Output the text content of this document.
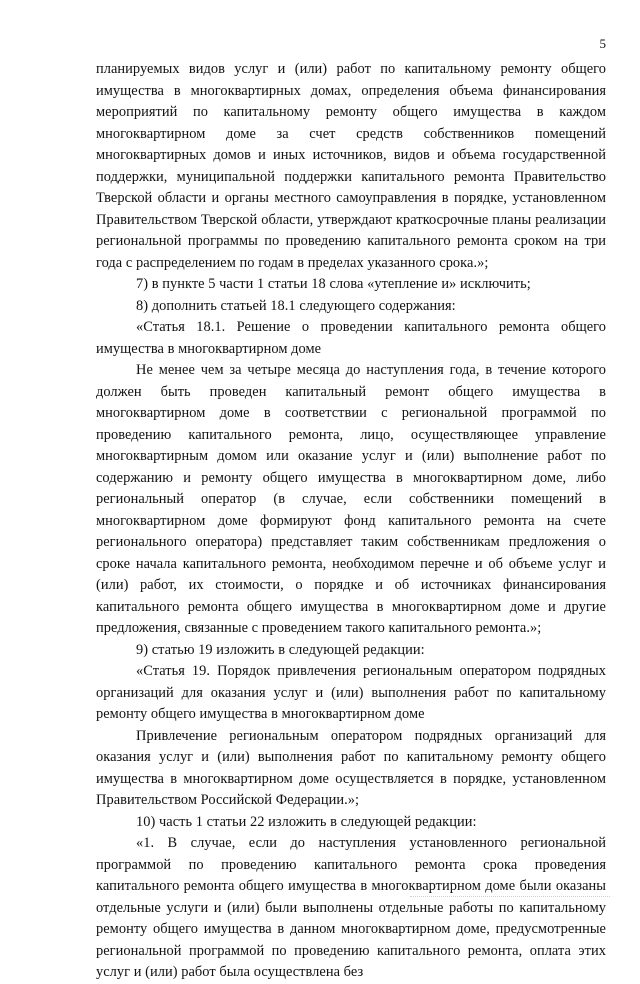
5

планируемых видов услуг и (или) работ по капитальному ремонту общего имущества в многоквартирных домах, определения объема финансирования мероприятий по капитальному ремонту общего имущества в каждом многоквартирном доме за счет средств собственников помещений многоквартирных домов и иных источников, видов и объема государственной поддержки, муниципальной поддержки капитального ремонта Правительство Тверской области и органы местного самоуправления в порядке, установленном Правительством Тверской области, утверждают краткосрочные планы реализации региональной программы по проведению капитального ремонта сроком на три года с распределением по годам в пределах указанного срока.»;

7) в пункте 5 части 1 статьи 18 слова «утепление и» исключить;

8) дополнить статьей 18.1 следующего содержания:

«Статья 18.1. Решение о проведении капитального ремонта общего имущества в многоквартирном доме

Не менее чем за четыре месяца до наступления года, в течение которого должен быть проведен капитальный ремонт общего имущества в многоквартирном доме в соответствии с региональной программой по проведению капитального ремонта, лицо, осуществляющее управление многоквартирным домом или оказание услуг и (или) выполнение работ по содержанию и ремонту общего имущества в многоквартирном доме, либо региональный оператор (в случае, если собственники помещений в многоквартирном доме формируют фонд капитального ремонта на счете регионального оператора) представляет таким собственникам предложения о сроке начала капитального ремонта, необходимом перечне и об объеме услуг и (или) работ, их стоимости, о порядке и об источниках финансирования капитального ремонта общего имущества в многоквартирном доме и другие предложения, связанные с проведением такого капитального ремонта.»;

9) статью 19 изложить в следующей редакции:

«Статья 19. Порядок привлечения региональным оператором подрядных организаций для оказания услуг и (или) выполнения работ по капитальному ремонту общего имущества в многоквартирном доме

Привлечение региональным оператором подрядных организаций для оказания услуг и (или) выполнения работ по капитальному ремонту общего имущества в многоквартирном доме осуществляется в порядке, установленном Правительством Российской Федерации.»;

10) часть 1 статьи 22 изложить в следующей редакции:

«1. В случае, если до наступления установленного региональной программой по проведению капитального ремонта срока проведения капитального ремонта общего имущества в многоквартирном доме были оказаны отдельные услуги и (или) были выполнены отдельные работы по капитальному ремонту общего имущества в данном многоквартирном доме, предусмотренные региональной программой по проведению капитального ремонта, оплата этих услуг и (или) работ была осуществлена без
